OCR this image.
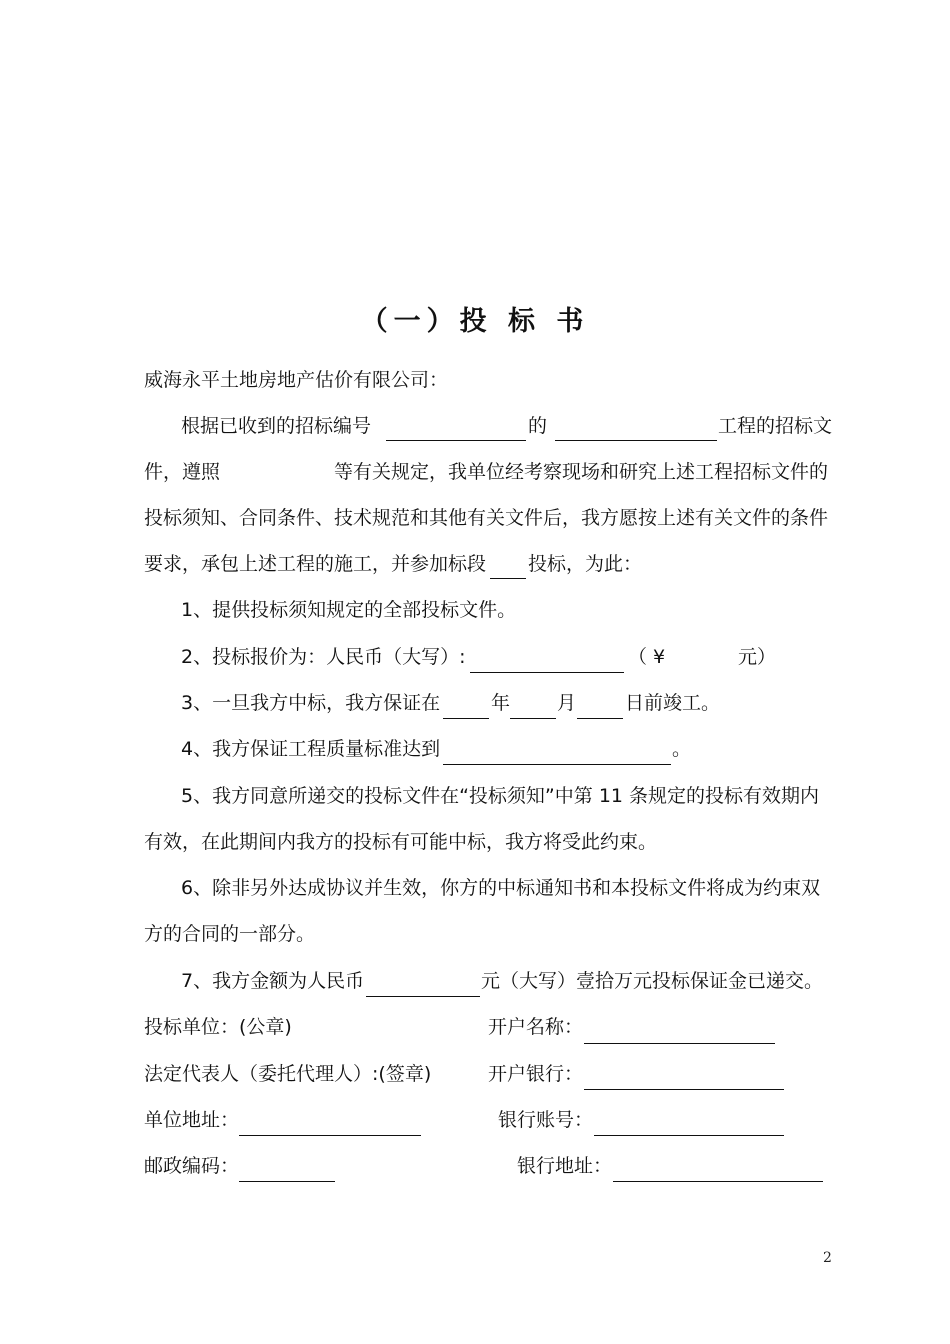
（一）投 标 书
威海永平土地房地产估价有限公司：
根据已收到的招标编号	的	工程的招标文
件，遵照	等有关规定，我单位经考察现场和研究上述工程招标文件的
投标须知、合同条件、技术规范和其他有关文件后，我方愿按上述有关文件的条件
要求，承包上述工程的施工，并参加标段 投标，为此：
1、提供投标须知规定的全部投标文件。
2、投标报价为：人民币（大写）:	（ ¥	元）
3、一旦我方中标，我方保证在	年 月	日前竣工。
4、我方保证工程质量标准达到	。
5、我方同意所递交的投标文件在“投标须知”中第 11 条规定的投标有效期内
有效，在此期间内我方的投标有可能中标，我方将受此约束。
6、除非另外达成协议并生效，你方的中标通知书和本投标文件将成为约束双
方的合同的一部分。
7、我方金额为人民币	元（大写）壹拾万元投标保证金已递交。
投标单位：(公章)	开户名称：
法定代表人（委托代理人）:(签章)	开户银行：
单位地址：	银行账号：
邮政编码：	银行地址：
2
